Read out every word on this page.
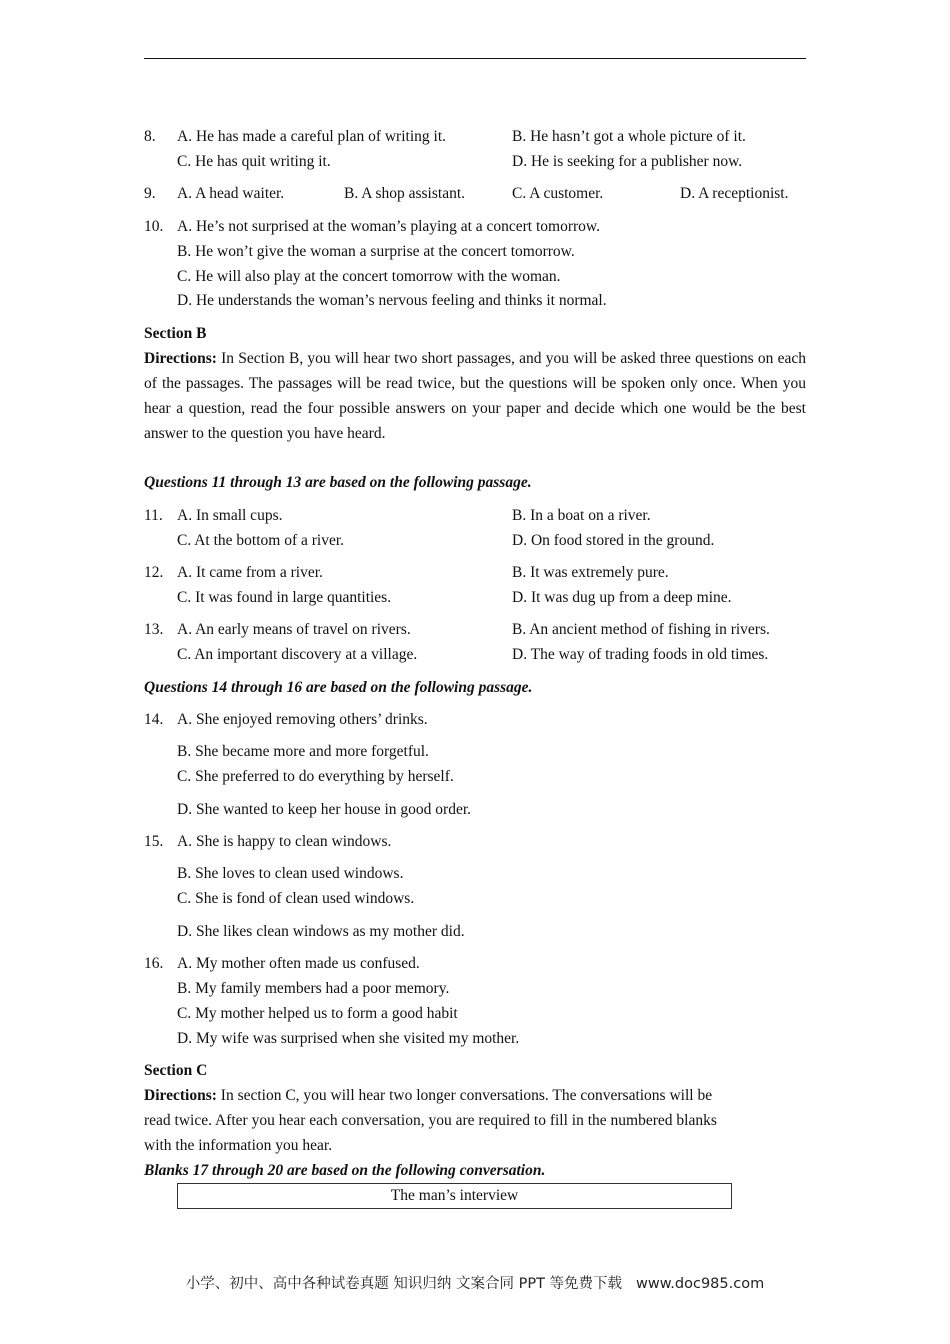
8. A. He has made a careful plan of writing it.	B. He hasn’t got a whole picture of it.
C. He has quit writing it.	D. He is seeking for a publisher now.
9. A. A head waiter.	B. A shop assistant.	C. A customer.	D. A receptionist.
10. A. He’s not surprised at the woman’s playing at a concert tomorrow.
B. He won’t give the woman a surprise at the concert tomorrow.
C. He will also play at the concert tomorrow with the woman.
D. He understands the woman’s nervous feeling and thinks it normal.
Section B
Directions: In Section B, you will hear two short passages, and you will be asked three questions on each of the passages. The passages will be read twice, but the questions will be spoken only once. When you hear a question, read the four possible answers on your paper and decide which one would be the best answer to the question you have heard.
Questions 11 through 13 are based on the following passage.
11. A. In small cups.	B. In a boat on a river.
C. At the bottom of a river.	D. On food stored in the ground.
12. A. It came from a river.	B. It was extremely pure.
C. It was found in large quantities.	D. It was dug up from a deep mine.
13. A. An early means of travel on rivers.	B. An ancient method of fishing in rivers.
C. An important discovery at a village.	D. The way of trading foods in old times.
Questions 14 through 16 are based on the following passage.
14. A. She enjoyed removing others’ drinks.
B. She became more and more forgetful.
C. She preferred to do everything by herself.
D. She wanted to keep her house in good order.
15. A. She is happy to clean windows.
B. She loves to clean used windows.
C. She is fond of clean used windows.
D. She likes clean windows as my mother did.
16. A. My mother often made us confused.
B. My family members had a poor memory.
C. My mother helped us to form a good habit
D. My wife was surprised when she visited my mother.
Section C
Directions: In section C, you will hear two longer conversations. The conversations will be
read twice. After you hear each conversation, you are required to fill in the numbered blanks
with the information you hear.
Blanks 17 through 20 are based on the following conversation.
The man’s interview
小学、初中、高中各种试卷真题 知识归纳 文案合同 PPT 等免费下载 www.doc985.com
